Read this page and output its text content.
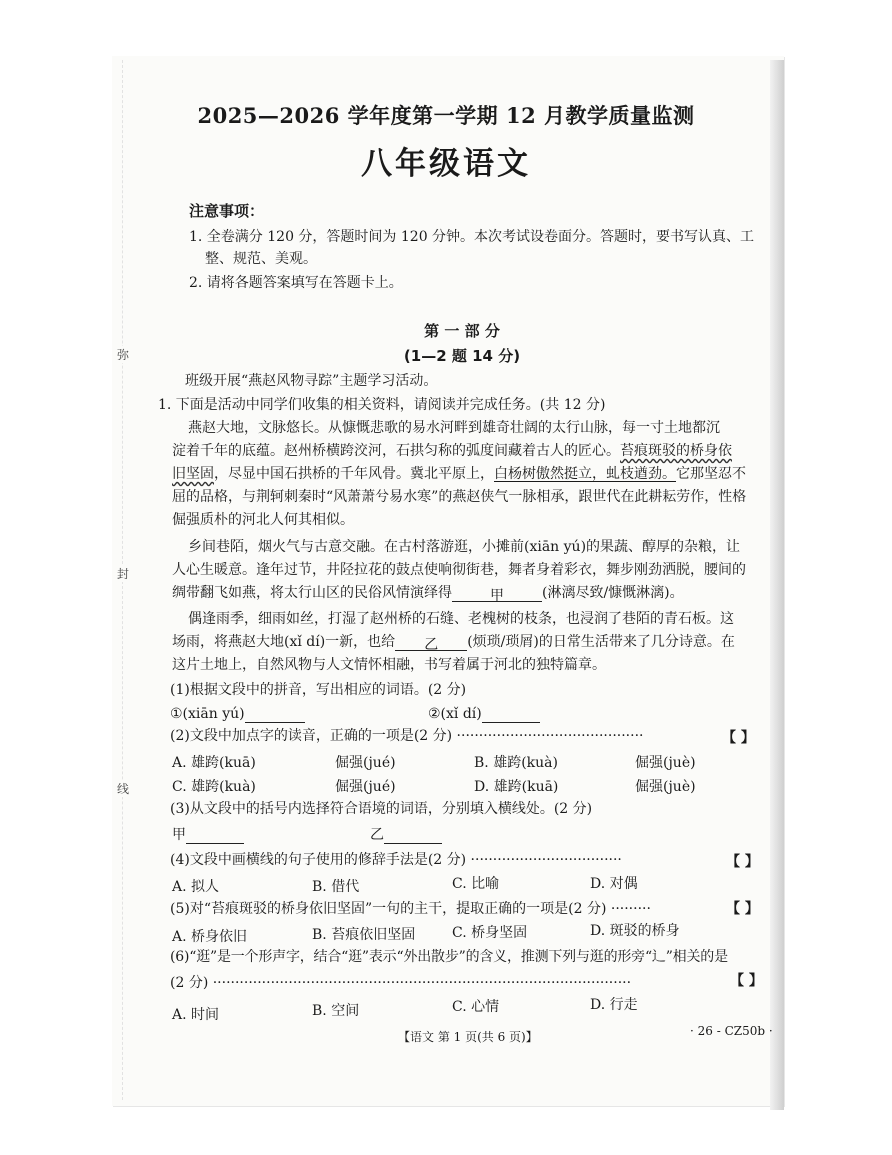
弥
封
线
2025—2026 学年度第一学期 12 月教学质量监测
八年级语文
注意事项：
1. 全卷满分 120 分，答题时间为 120 分钟。本次考试设卷面分。答题时，要书写认真、工
整、规范、美观。
2. 请将各题答案填写在答题卡上。
第 一 部 分
(1—2 题 14 分)
班级开展“燕赵风物寻踪”主题学习活动。
1. 下面是活动中同学们收集的相关资料，请阅读并完成任务。(共 12 分)
燕赵大地，文脉悠长。从慷慨悲歌的易水河畔到雄奇壮阔的太行山脉，每一寸土地都沉
淀着千年的底蕴。赵州桥横跨洨河，石拱匀称的弧度间藏着古人的匠心。苔痕斑驳的桥身依
旧坚固，尽显中国石拱桥的千年风骨。冀北平原上，白杨树傲然挺立，虬枝遒劲。它那坚忍不
屈的品格，与荆轲刺秦时“风萧萧兮易水寒”的燕赵侠气一脉相承，跟世代在此耕耘劳作，性格
倔强质朴的河北人何其相似。
乡间巷陌，烟火气与古意交融。在古村落游逛，小摊前(xiān yú)的果蔬、醇厚的杂粮，让
人心生暖意。逢年过节，井陉拉花的鼓点使响彻街巷，舞者身着彩衣，舞步刚劲洒脱，腰间的
绸带翻飞如燕，将太行山区的民俗风情演绎得	甲	(淋漓尽致/慷慨淋漓)。
偶逢雨季，细雨如丝，打湿了赵州桥的石缝、老槐树的枝条，也浸润了巷陌的青石板。这
场雨，将燕赵大地(xǐ dí)一新，也给 乙 (烦琐/琐屑)的日常生活带来了几分诗意。在
这片土地上，自然风物与人文情怀相融，书写着属于河北的独特篇章。
(1)根据文段中的拼音，写出相应的词语。(2 分)
①(xiān yú)	②(xǐ dí)
(2)文段中加点字的读音，正确的一项是(2 分) ··········································	【 】
A. 雄跨(kuā)	倔强(jué)	B. 雄跨(kuà)	倔强(juè)
C. 雄跨(kuà)	倔强(jué)	D. 雄跨(kuā)	倔强(juè)
(3)从文段中的括号内选择符合语境的词语，分别填入横线处。(2 分)
甲	乙
(4)文段中画横线的句子使用的修辞手法是(2 分) ··································	【 】
A. 拟人	B. 借代	C. 比喻	D. 对偶
(5)对“苔痕斑驳的桥身依旧坚固”一句的主干，提取正确的一项是(2 分) ·········	【 】
A. 桥身依旧	B. 苔痕依旧坚固	C. 桥身坚固	D. 斑驳的桥身
(6)“逛”是一个形声字，结合“逛”表示“外出散步”的含义，推测下列与逛的形旁“辶”相关的是
(2 分) ······························································································	【 】
A. 时间	B. 空间	C. 心情	D. 行走
【语文 第 1 页(共 6 页)】	· 26 - CZ50b ·
